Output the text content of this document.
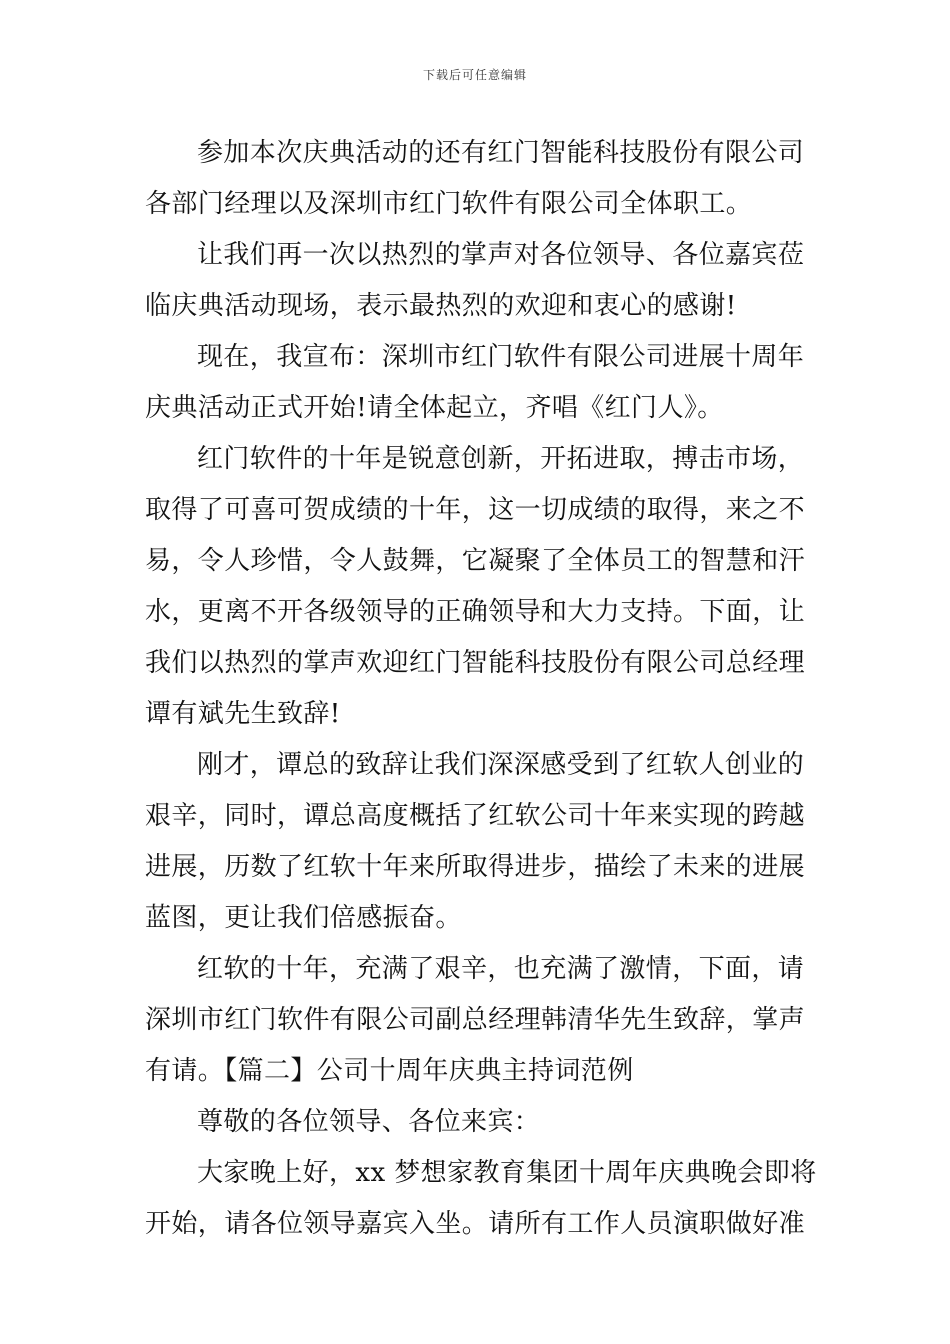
下载后可任意编辑
参加本次庆典活动的还有红门智能科技股份有限公司
各部门经理以及深圳市红门软件有限公司全体职工。
让我们再一次以热烈的掌声对各位领导、各位嘉宾莅
临庆典活动现场，表示最热烈的欢迎和衷心的感谢!
现在，我宣布：深圳市红门软件有限公司进展十周年
庆典活动正式开始!请全体起立，齐唱《红门人》。
红门软件的十年是锐意创新，开拓进取，搏击市场，
取得了可喜可贺成绩的十年，这一切成绩的取得，来之不
易，令人珍惜，令人鼓舞，它凝聚了全体员工的智慧和汗
水，更离不开各级领导的正确领导和大力支持。下面，让
我们以热烈的掌声欢迎红门智能科技股份有限公司总经理
谭有斌先生致辞!
刚才，谭总的致辞让我们深深感受到了红软人创业的
艰辛，同时，谭总高度概括了红软公司十年来实现的跨越
进展，历数了红软十年来所取得进步，描绘了未来的进展
蓝图，更让我们倍感振奋。
红软的十年，充满了艰辛，也充满了激情，下面，请
深圳市红门软件有限公司副总经理韩清华先生致辞，掌声
有请。【篇二】公司十周年庆典主持词范例
尊敬的各位领导、各位来宾：
大家晚上好，xx 梦想家教育集团十周年庆典晚会即将
开始，请各位领导嘉宾入坐。请所有工作人员演职做好准
